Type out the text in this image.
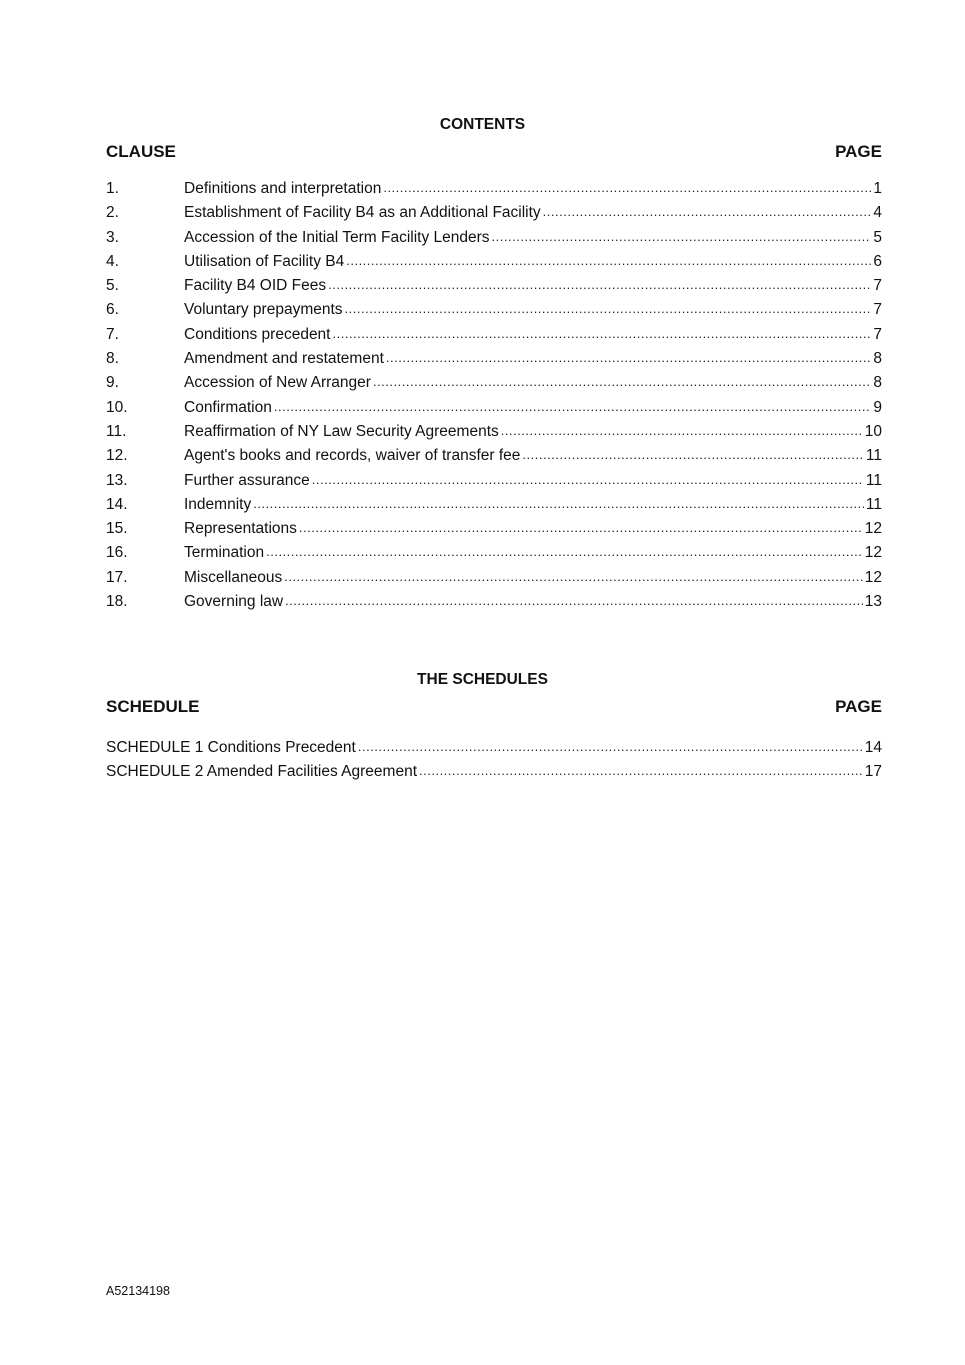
CONTENTS
CLAUSE	PAGE
1.	Definitions and interpretation .....	1
2.	Establishment of Facility B4 as an Additional Facility .....	4
3.	Accession of the Initial Term Facility Lenders .....	5
4.	Utilisation of Facility B4 .....	6
5.	Facility B4 OID Fees .....	7
6.	Voluntary prepayments .....	7
7.	Conditions precedent .....	7
8.	Amendment and restatement .....	8
9.	Accession of New Arranger .....	8
10.	Confirmation .....	9
11.	Reaffirmation of NY Law Security Agreements .....	10
12.	Agent's books and records, waiver of transfer fee .....	11
13.	Further assurance .....	11
14.	Indemnity .....	11
15.	Representations .....	12
16.	Termination .....	12
17.	Miscellaneous .....	12
18.	Governing law .....	13
THE SCHEDULES
SCHEDULE	PAGE
SCHEDULE 1 Conditions Precedent .....	14
SCHEDULE 2 Amended Facilities Agreement .....	17
A52134198
